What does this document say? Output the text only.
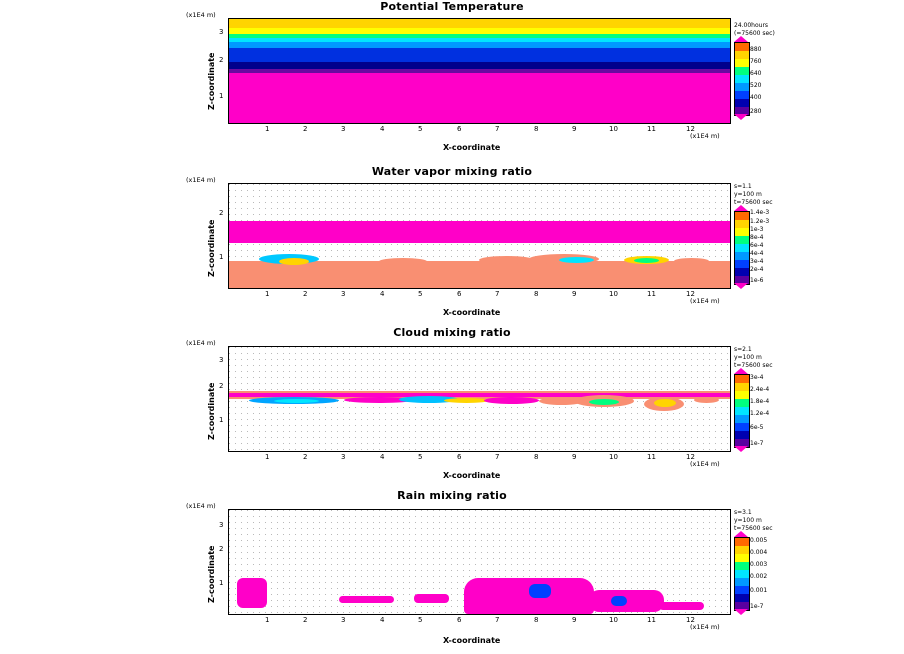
Potential Temperature
(x1E4 m)
Z-coordinate
3
2
1
1	2	3	4	5	6	7	8	9	10	11	12
(x1E4 m)
X-coordinate
24.00hours
(=75600 sec)
880
760
640
520
400
280
Water vapor mixing ratio
(x1E4 m)
Z-coordinate
2
1
1	2	3	4	5	6	7	8	9	10	11	12
(x1E4 m)
X-coordinate
s=1.1
y=100 m
t=75600 sec
1.4e-3
1.2e-3
1e-3
8e-4
6e-4
4e-4
3e-4
2e-4
1e-6
Cloud mixing ratio
(x1E4 m)
Z-coordinate
3
2
1
1	2	3	4	5	6	7	8	9	10	11	12
(x1E4 m)
X-coordinate
s=2.1
y=100 m
t=75600 sec
3e-4
2.4e-4
1.8e-4
1.2e-4
6e-5
1e-7
Rain mixing ratio
(x1E4 m)
Z-coordinate
3
2
1
1	2	3	4	5	6	7	8	9	10	11	12
(x1E4 m)
X-coordinate
s=3.1
y=100 m
t=75600 sec
0.005
0.004
0.003
0.002
0.001
1e-7
